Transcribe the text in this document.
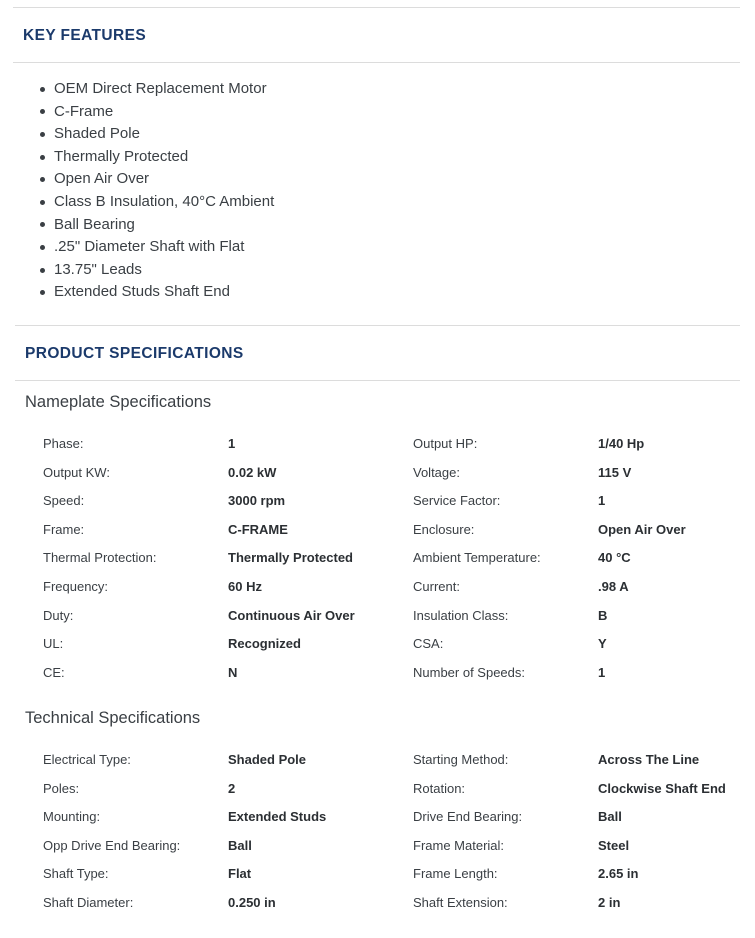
KEY FEATURES
OEM Direct Replacement Motor
C-Frame
Shaded Pole
Thermally Protected
Open Air Over
Class B Insulation, 40°C Ambient
Ball Bearing
.25" Diameter Shaft with Flat
13.75" Leads
Extended Studs Shaft End
PRODUCT SPECIFICATIONS
Nameplate Specifications
Phase:	1	Output HP:	1/40 Hp
Output KW:	0.02 kW	Voltage:	115 V
Speed:	3000 rpm	Service Factor:	1
Frame:	C-FRAME	Enclosure:	Open Air Over
Thermal Protection:	Thermally Protected	Ambient Temperature:	40 °C
Frequency:	60 Hz	Current:	.98 A
Duty:	Continuous Air Over	Insulation Class:	B
UL:	Recognized	CSA:	Y
CE:	N	Number of Speeds:	1
Technical Specifications
Electrical Type:	Shaded Pole	Starting Method:	Across The Line
Poles:	2	Rotation:	Clockwise Shaft End
Mounting:	Extended Studs	Drive End Bearing:	Ball
Opp Drive End Bearing:	Ball	Frame Material:	Steel
Shaft Type:	Flat	Frame Length:	2.65 in
Shaft Diameter:	0.250 in	Shaft Extension:	2 in
